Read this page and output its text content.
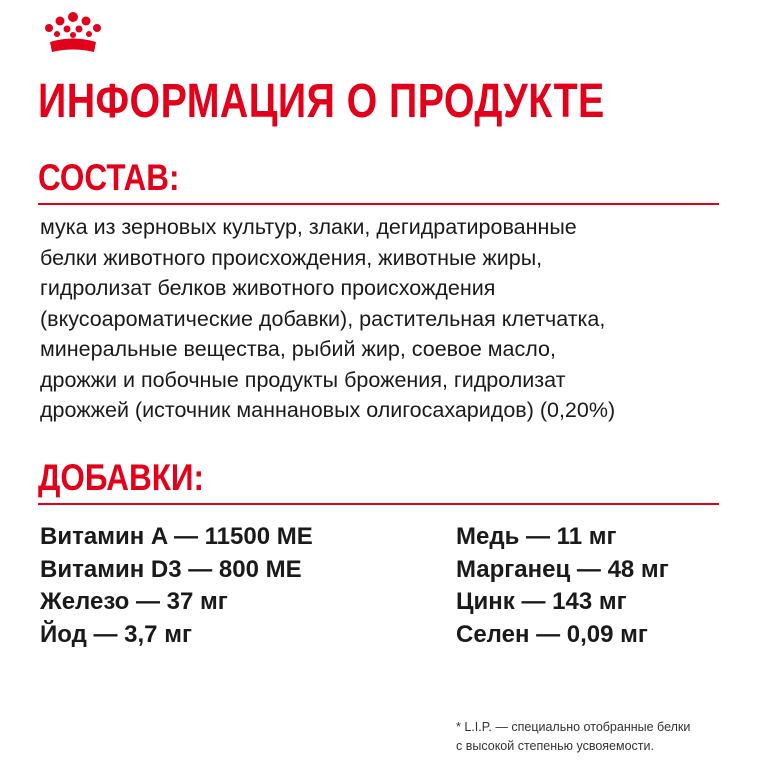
ИНФОРМАЦИЯ О ПРОДУКТЕ
СОСТАВ:
мука из зерновых культур, злаки, дегидратированные
белки животного происхождения, животные жиры,
гидролизат белков животного происхождения
(вкусоароматические добавки), растительная клетчатка,
минеральные вещества, рыбий жир, соевое масло,
дрожжи и побочные продукты брожения, гидролизат
дрожжей (источник маннановых олигосахаридов) (0,20%)
ДОБАВКИ:
Витамин A — 11500 МЕ
Витамин D3 — 800 МЕ
Железо — 37 мг
Йод — 3,7 мг
Медь — 11 мг
Марганец — 48 мг
Цинк — 143 мг
Селен — 0,09 мг
* L.I.P. — специально отобранные белки
с высокой степенью усвояемости.
